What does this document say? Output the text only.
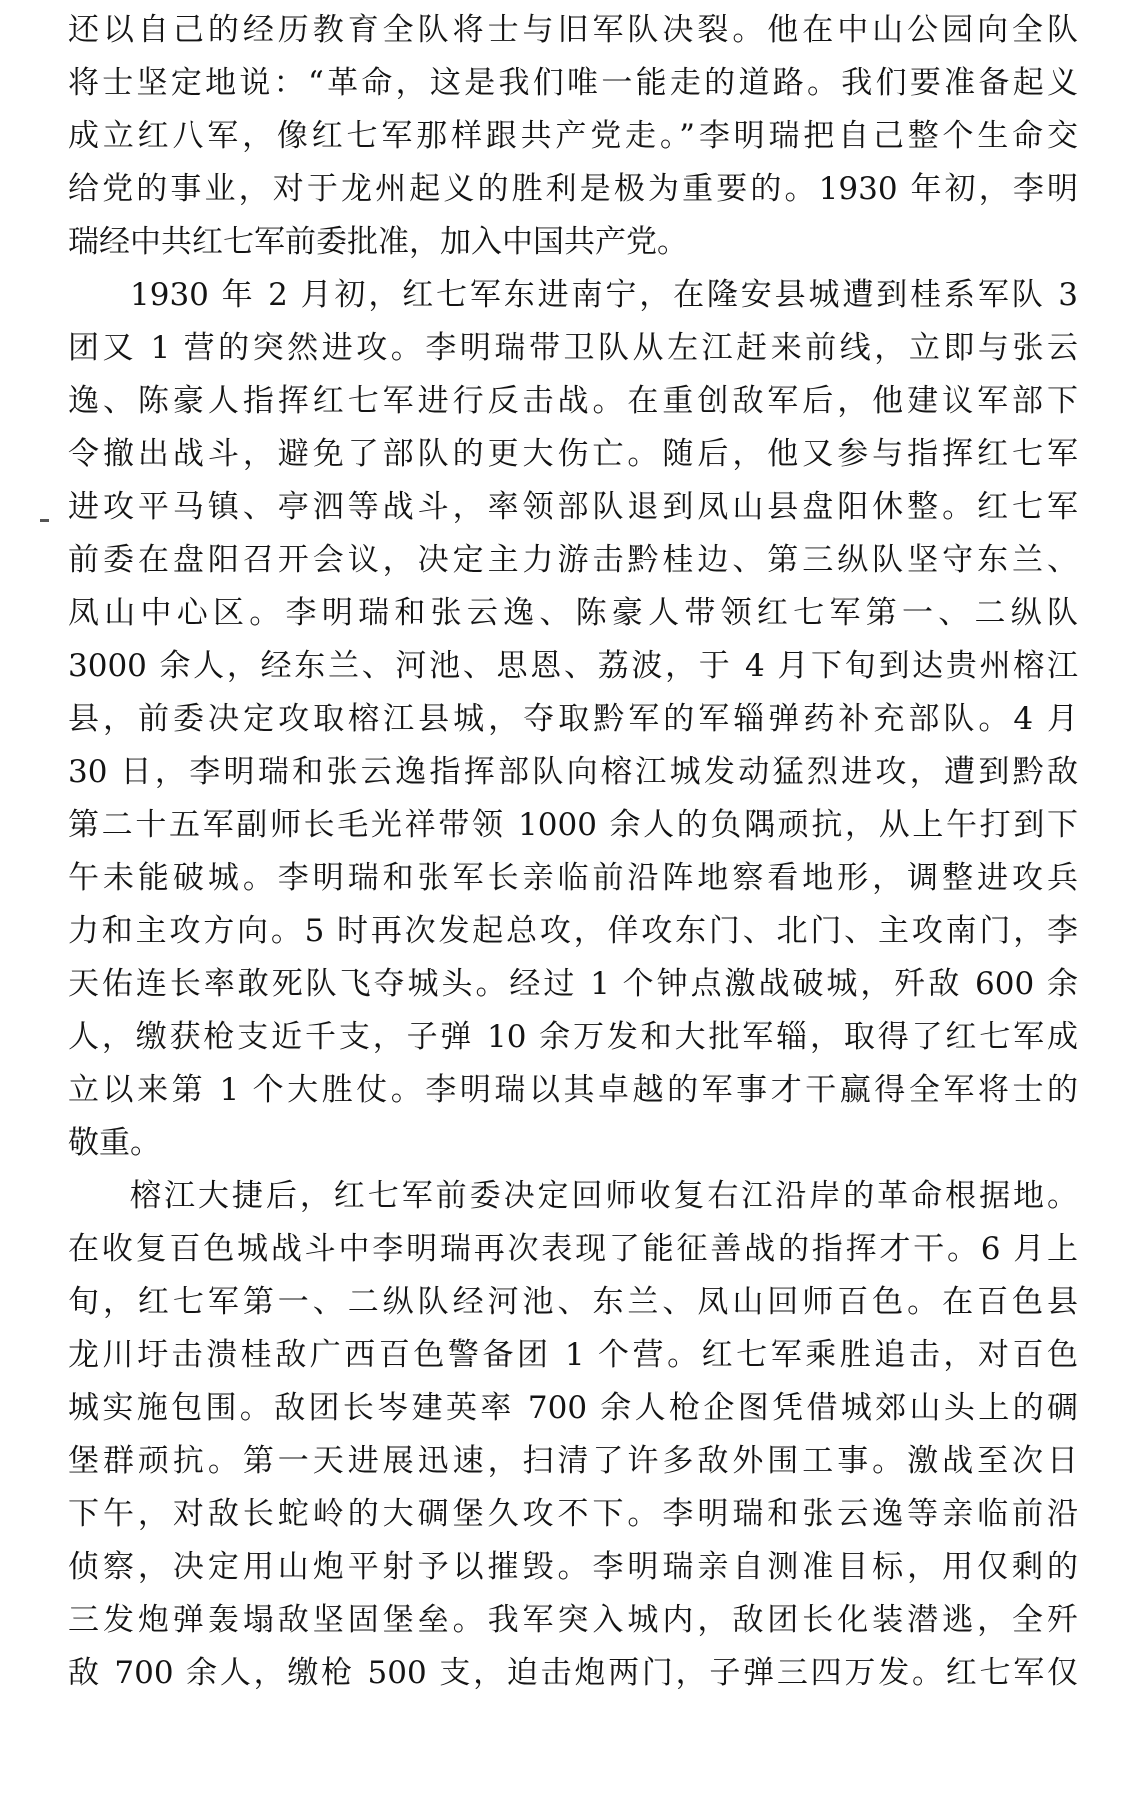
还以自己的经历教育全队将士与旧军队决裂。他在中山公园向全队
将士坚定地说：“革命，这是我们唯一能走的道路。我们要准备起义
成立红八军，像红七军那样跟共产党走。”李明瑞把自己整个生命交
给党的事业，对于龙州起义的胜利是极为重要的。1930 年初，李明
瑞经中共红七军前委批准，加入中国共产党。
1930 年 2 月初，红七军东进南宁，在隆安县城遭到桂系军队 3
团又 1 营的突然进攻。李明瑞带卫队从左江赶来前线，立即与张云
逸、陈豪人指挥红七军进行反击战。在重创敌军后，他建议军部下
令撤出战斗，避免了部队的更大伤亡。随后，他又参与指挥红七军
进攻平马镇、亭泗等战斗，率领部队退到凤山县盘阳休整。红七军
前委在盘阳召开会议，决定主力游击黔桂边、第三纵队坚守东兰、
凤山中心区。李明瑞和张云逸、陈豪人带领红七军第一、二纵队
3000 余人，经东兰、河池、思恩、荔波，于 4 月下旬到达贵州榕江
县，前委决定攻取榕江县城，夺取黔军的军辎弹药补充部队。4 月
30 日，李明瑞和张云逸指挥部队向榕江城发动猛烈进攻，遭到黔敌
第二十五军副师长毛光祥带领 1000 余人的负隅顽抗，从上午打到下
午未能破城。李明瑞和张军长亲临前沿阵地察看地形，调整进攻兵
力和主攻方向。5 时再次发起总攻，佯攻东门、北门、主攻南门，李
天佑连长率敢死队飞夺城头。经过 1 个钟点激战破城，歼敌 600 余
人，缴获枪支近千支，子弹 10 余万发和大批军辎，取得了红七军成
立以来第 1 个大胜仗。李明瑞以其卓越的军事才干赢得全军将士的
敬重。
榕江大捷后，红七军前委决定回师收复右江沿岸的革命根据地。
在收复百色城战斗中李明瑞再次表现了能征善战的指挥才干。6 月上
旬，红七军第一、二纵队经河池、东兰、凤山回师百色。在百色县
龙川圩击溃桂敌广西百色警备团 1 个营。红七军乘胜追击，对百色
城实施包围。敌团长岑建英率 700 余人枪企图凭借城郊山头上的碉
堡群顽抗。第一天进展迅速，扫清了许多敌外围工事。激战至次日
下午，对敌长蛇岭的大碉堡久攻不下。李明瑞和张云逸等亲临前沿
侦察，决定用山炮平射予以摧毁。李明瑞亲自测准目标，用仅剩的
三发炮弹轰塌敌坚固堡垒。我军突入城内，敌团长化装潜逃，全歼
敌 700 余人，缴枪 500 支，迫击炮两门，子弹三四万发。红七军仅
